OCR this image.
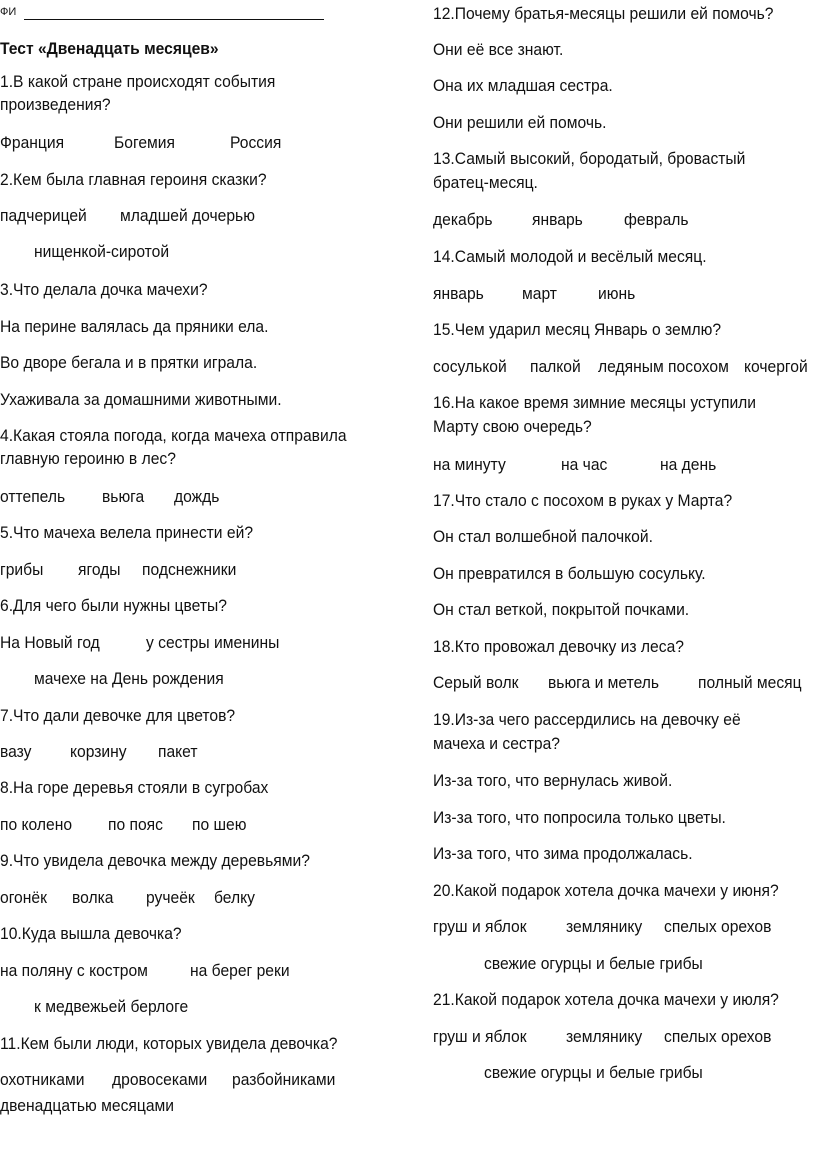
ФИ
Тест «Двенадцать месяцев»
1.В какой стране происходят события
произведения?
Франция	Богемия	Россия
2.Кем была главная героиня сказки?
падчерицей младшей дочерью
нищенкой-сиротой
3.Что делала дочка мачехи?
На перине валялась да пряники ела.
Во дворе бегала и в прятки играла.
Ухаживала за домашними животными.
4.Какая стояла погода, когда мачеха отправила
главную героиню в лес?
оттепель вьюга дождь
5.Что мачеха велела принести ей?
грибы ягоды подснежники
6.Для чего были нужны цветы?
На Новый год	у сестры именины
мачехе на День рождения
7.Что дали девочке для цветов?
вазу корзину пакет
8.На горе деревья стояли в сугробах
по колено по пояс по шею
9.Что увидела девочка между деревьями?
огонёк волка ручеёк белку
10.Куда вышла девочка?
на поляну с костром на берег реки
к медвежьей берлоге
11.Кем были люди, которых увидела девочка?
охотниками дровосеками разбойниками
двенадцатью месяцами
12.Почему братья-месяцы решили ей помочь?
Они её все знают.
Она их младшая сестра.
Они решили ей помочь.
13.Самый высокий, бородатый, бровастый
братец-месяц.
декабрь январь февраль
14.Самый молодой и весёлый месяц.
январь март июнь
15.Чем ударил месяц Январь о землю?
сосулькой палкой ледяным посохом кочергой
16.На какое время зимние месяцы уступили
Марту свою очередь?
на минуту	на час	на день
17.Что стало с посохом в руках у Марта?
Он стал волшебной палочкой.
Он превратился в большую сосульку.
Он стал веткой, покрытой почками.
18.Кто провожал девочку из леса?
Серый волк вьюга и метель полный месяц
19.Из-за чего рассердились на девочку её
мачеха и сестра?
Из-за того, что вернулась живой.
Из-за того, что попросила только цветы.
Из-за того, что зима продолжалась.
20.Какой подарок хотела дочка мачехи у июня?
груш и яблок землянику спелых орехов
свежие огурцы и белые грибы
21.Какой подарок хотела дочка мачехи у июля?
груш и яблок землянику спелых орехов
свежие огурцы и белые грибы
